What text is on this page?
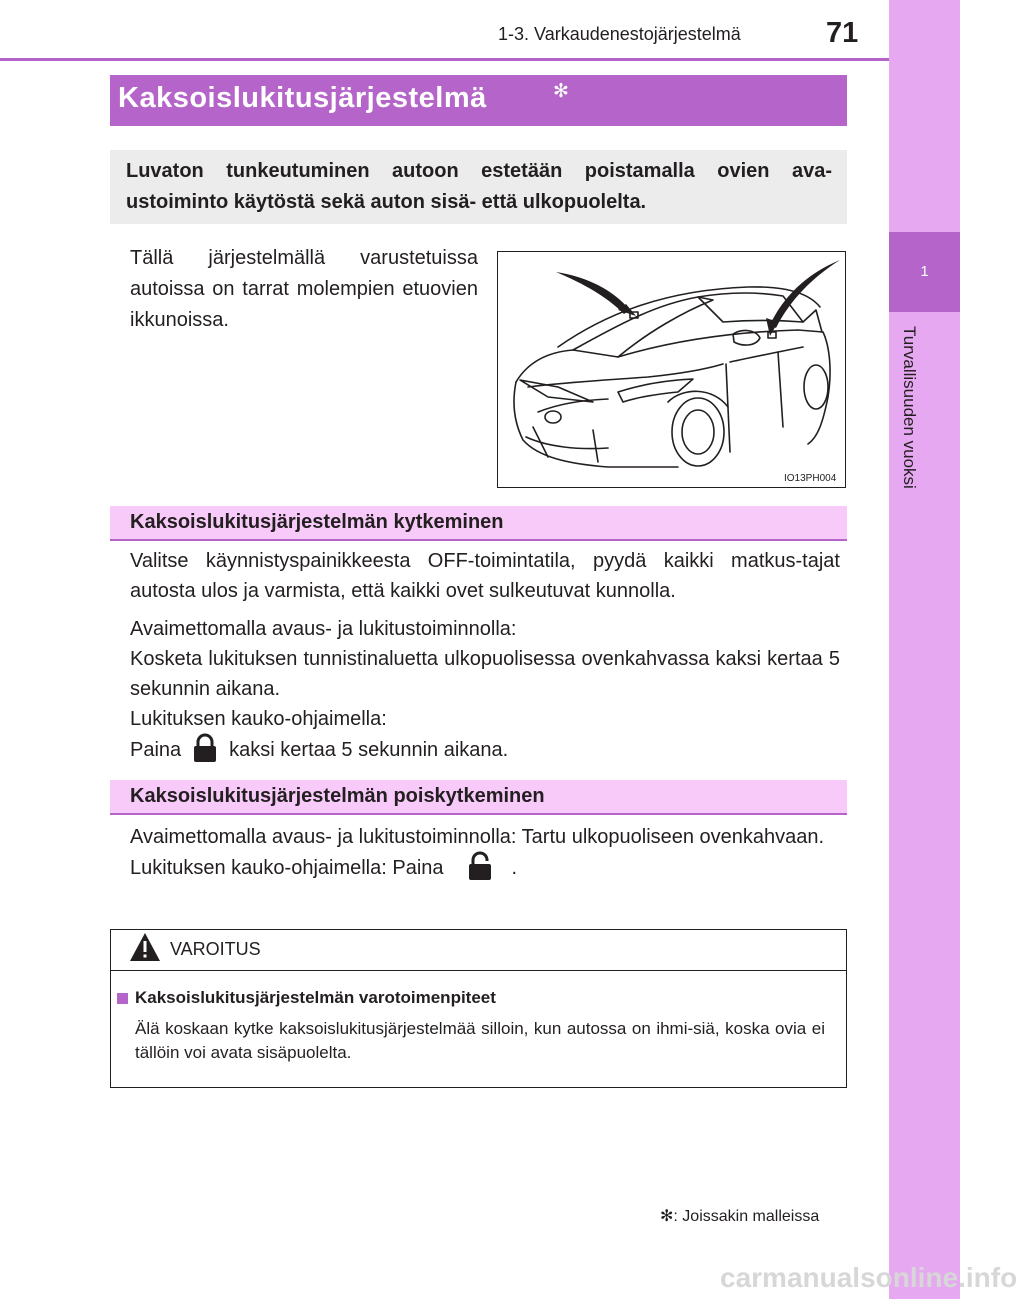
1-3. Varkaudenestojärjestelmä	71
1
Turvallisuuden vuoksi
Kaksoislukitusjärjestelmä	✻
Luvaton tunkeutuminen autoon estetään poistamalla ovien ava-ustoiminto käytöstä sekä auton sisä- että ulkopuolelta.
Tällä järjestelmällä varustetuissa autoissa on tarrat molempien etuovien ikkunoissa.
IO13PH004
Kaksoislukitusjärjestelmän kytkeminen
Valitse käynnistyspainikkeesta OFF-toimintatila, pyydä kaikki matkus-tajat autosta ulos ja varmista, että kaikki ovet sulkeutuvat kunnolla.
Avaimettomalla avaus- ja lukitustoiminnolla:
Kosketa lukituksen tunnistinaluetta ulkopuolisessa ovenkahvassa kaksi kertaa 5 sekunnin aikana.
Lukituksen kauko-ohjaimella:
Paina kaksi kertaa 5 sekunnin aikana.
Kaksoislukitusjärjestelmän poiskytkeminen
Avaimettomalla avaus- ja lukitustoiminnolla: Tartu ulkopuoliseen ovenkahvaan.
Lukituksen kauko-ohjaimella: Paina	.
VAROITUS
Kaksoislukitusjärjestelmän varotoimenpiteet
Älä koskaan kytke kaksoislukitusjärjestelmää silloin, kun autossa on ihmi-siä, koska ovia ei tällöin voi avata sisäpuolelta.
✻: Joissakin malleissa
carmanualsonline.info
